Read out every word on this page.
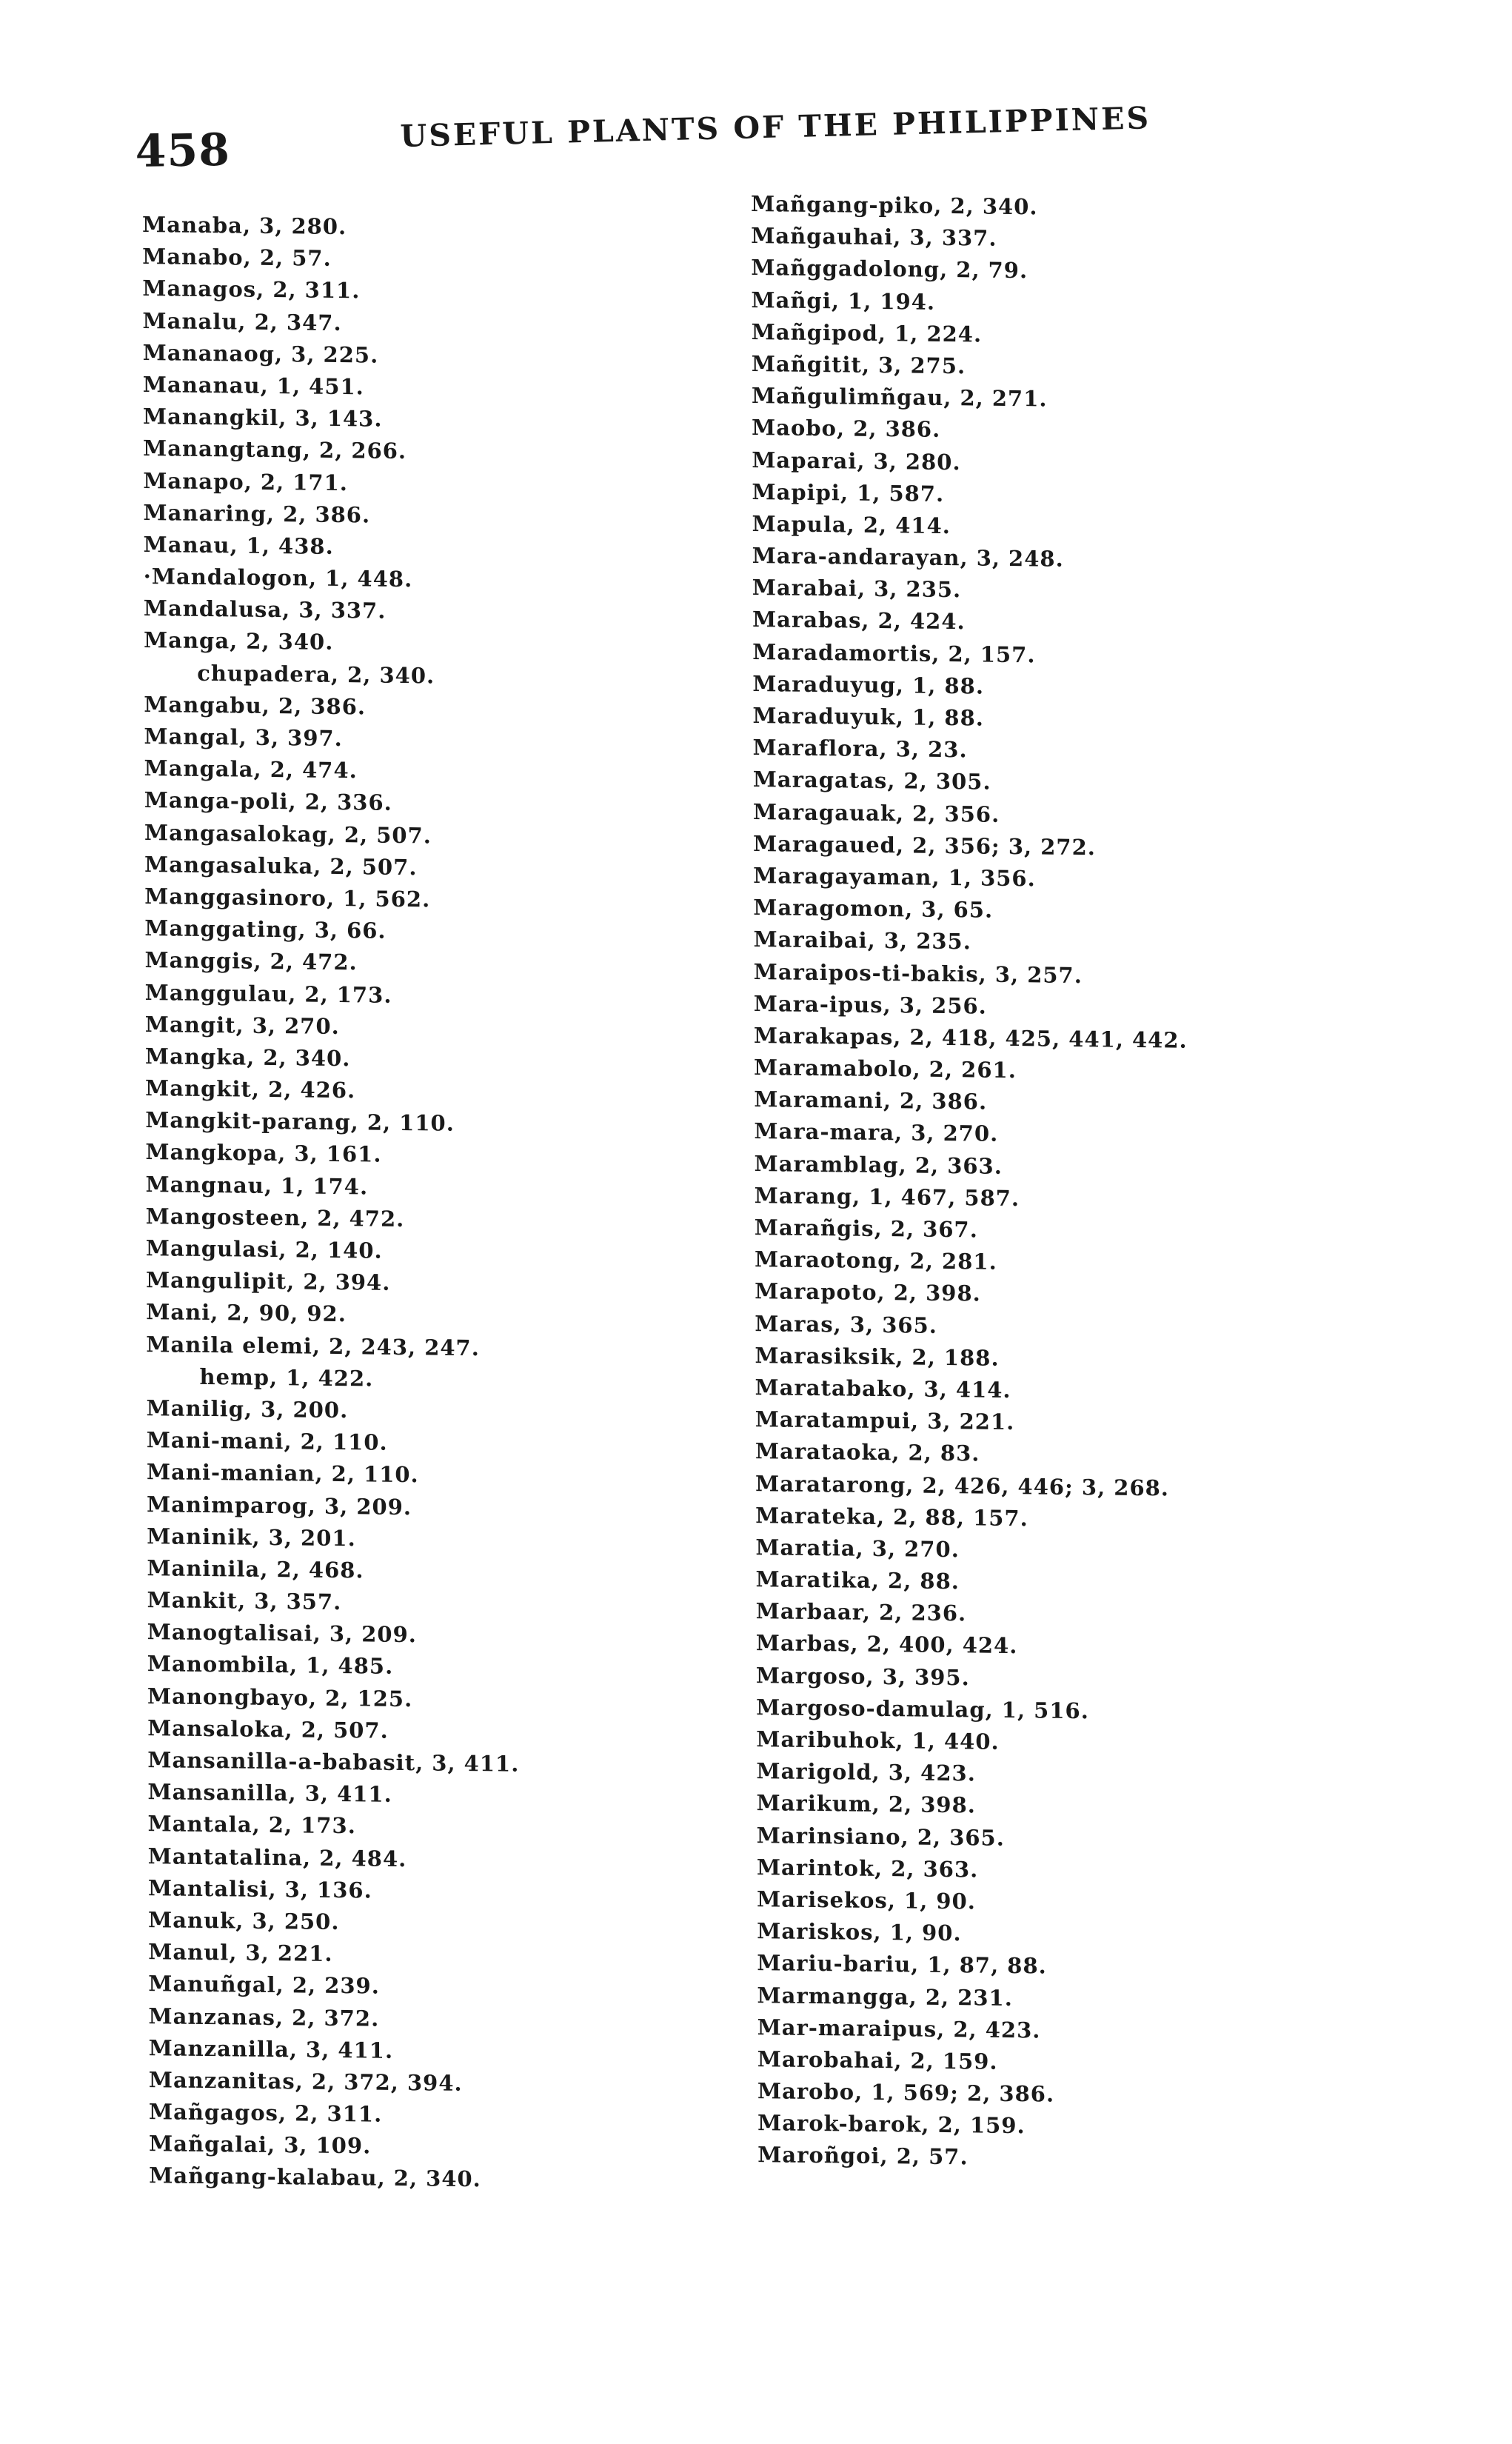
458	USEFUL PLANTS OF THE PHILIPPINES
Manaba, 3, 280.
Manabo, 2, 57.
Managos, 2, 311.
Manalu, 2, 347.
Mananaog, 3, 225.
Mananau, 1, 451.
Manangkil, 3, 143.
Manangtang, 2, 266.
Manapo, 2, 171.
Manaring, 2, 386.
Manau, 1, 438.
·Mandalogon, 1, 448.
Mandalusa, 3, 337.
Manga, 2, 340.
chupadera, 2, 340.
Mangabu, 2, 386.
Mangal, 3, 397.
Mangala, 2, 474.
Manga-poli, 2, 336.
Mangasalokag, 2, 507.
Mangasaluka, 2, 507.
Manggasinoro, 1, 562.
Manggating, 3, 66.
Manggis, 2, 472.
Manggulau, 2, 173.
Mangit, 3, 270.
Mangka, 2, 340.
Mangkit, 2, 426.
Mangkit-parang, 2, 110.
Mangkopa, 3, 161.
Mangnau, 1, 174.
Mangosteen, 2, 472.
Mangulasi, 2, 140.
Mangulipit, 2, 394.
Mani, 2, 90, 92.
Manila elemi, 2, 243, 247.
hemp, 1, 422.
Manilig, 3, 200.
Mani-mani, 2, 110.
Mani-manian, 2, 110.
Manimparog, 3, 209.
Maninik, 3, 201.
Maninila, 2, 468.
Mankit, 3, 357.
Manogtalisai, 3, 209.
Manombila, 1, 485.
Manongbayo, 2, 125.
Mansaloka, 2, 507.
Mansanilla-a-babasit, 3, 411.
Mansanilla, 3, 411.
Mantala, 2, 173.
Mantatalina, 2, 484.
Mantalisi, 3, 136.
Manuk, 3, 250.
Manul, 3, 221.
Manuñgal, 2, 239.
Manzanas, 2, 372.
Manzanilla, 3, 411.
Manzanitas, 2, 372, 394.
Mañgagos, 2, 311.
Mañgalai, 3, 109.
Mañgang-kalabau, 2, 340.
Mañgang-piko, 2, 340.
Mañgauhai, 3, 337.
Mañggadolong, 2, 79.
Mañgi, 1, 194.
Mañgipod, 1, 224.
Mañgitit, 3, 275.
Mañgulimñgau, 2, 271.
Maobo, 2, 386.
Maparai, 3, 280.
Mapipi, 1, 587.
Mapula, 2, 414.
Mara-andarayan, 3, 248.
Marabai, 3, 235.
Marabas, 2, 424.
Maradamortis, 2, 157.
Maraduyug, 1, 88.
Maraduyuk, 1, 88.
Maraflora, 3, 23.
Maragatas, 2, 305.
Maragauak, 2, 356.
Maragaued, 2, 356; 3, 272.
Maragayaman, 1, 356.
Maragomon, 3, 65.
Maraibai, 3, 235.
Maraipos-ti-bakis, 3, 257.
Mara-ipus, 3, 256.
Marakapas, 2, 418, 425, 441, 442.
Maramabolo, 2, 261.
Maramani, 2, 386.
Mara-mara, 3, 270.
Maramblag, 2, 363.
Marang, 1, 467, 587.
Marañgis, 2, 367.
Maraotong, 2, 281.
Marapoto, 2, 398.
Maras, 3, 365.
Marasiksik, 2, 188.
Maratabako, 3, 414.
Maratampui, 3, 221.
Marataoka, 2, 83.
Maratarong, 2, 426, 446; 3, 268.
Marateka, 2, 88, 157.
Maratia, 3, 270.
Maratika, 2, 88.
Marbaar, 2, 236.
Marbas, 2, 400, 424.
Margoso, 3, 395.
Margoso-damulag, 1, 516.
Maribuhok, 1, 440.
Marigold, 3, 423.
Marikum, 2, 398.
Marinsiano, 2, 365.
Marintok, 2, 363.
Marisekos, 1, 90.
Mariskos, 1, 90.
Mariu-bariu, 1, 87, 88.
Marmangga, 2, 231.
Mar-maraipus, 2, 423.
Marobahai, 2, 159.
Marobo, 1, 569; 2, 386.
Marok-barok, 2, 159.
Maroñgoi, 2, 57.
